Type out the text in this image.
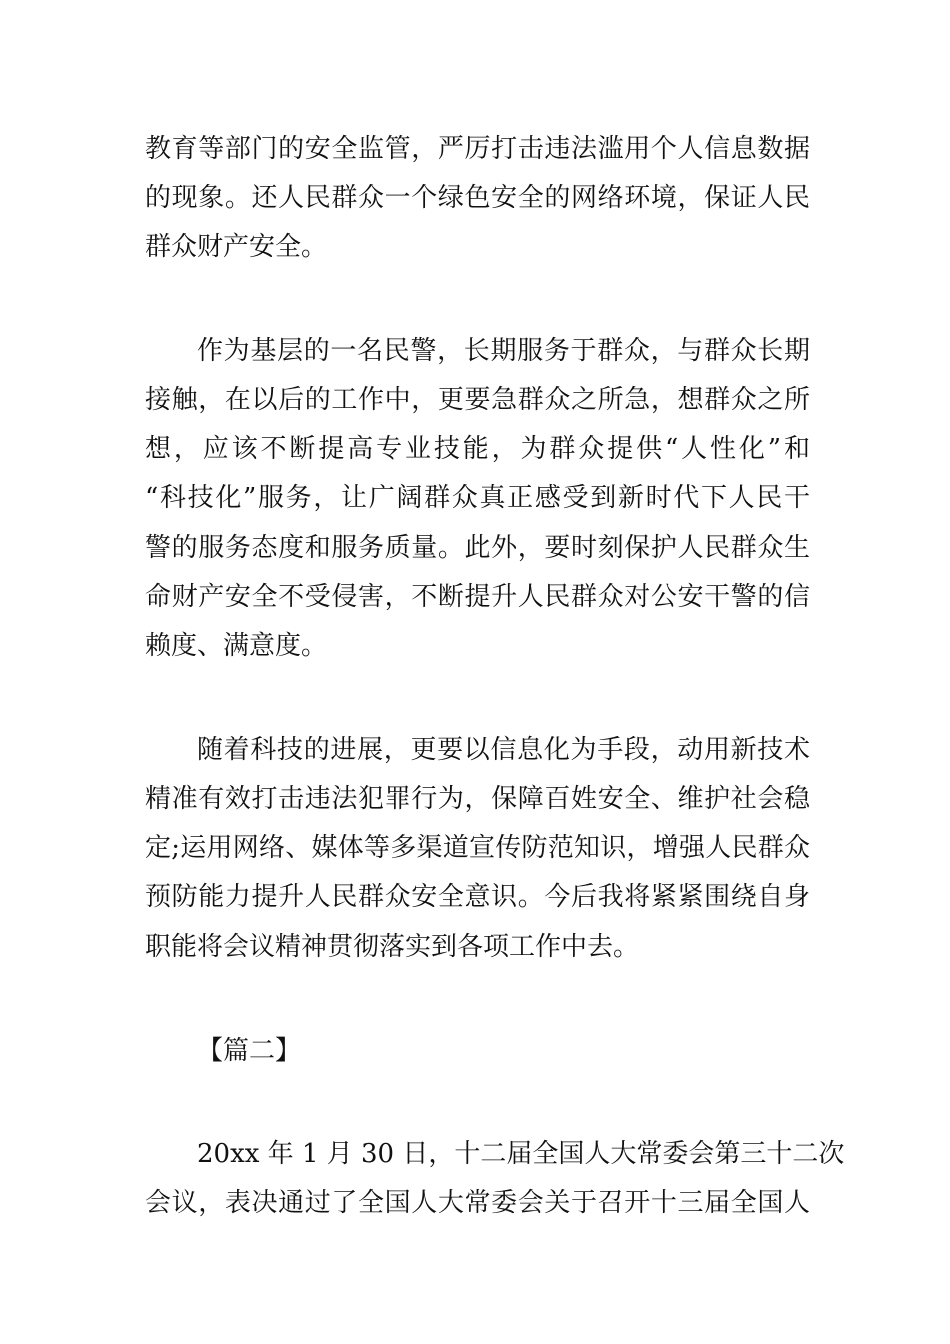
教育等部门的安全监管，严厉打击违法滥用个人信息数据
的现象。还人民群众一个绿色安全的网络环境，保证人民
群众财产安全。
作为基层的一名民警，长期服务于群众，与群众长期
接触，在以后的工作中，更要急群众之所急，想群众之所
想，应该不断提高专业技能，为群众提供“人性化”和
“科技化”服务，让广阔群众真正感受到新时代下人民干
警的服务态度和服务质量。此外，要时刻保护人民群众生
命财产安全不受侵害，不断提升人民群众对公安干警的信
赖度、满意度。
随着科技的进展，更要以信息化为手段，动用新技术
精准有效打击违法犯罪行为，保障百姓安全、维护社会稳
定;运用网络、媒体等多渠道宣传防范知识，增强人民群众
预防能力提升人民群众安全意识。今后我将紧紧围绕自身
职能将会议精神贯彻落实到各项工作中去。
【篇二】
20xx 年 1 月 30 日，十二届全国人大常委会第三十二次
会议，表决通过了全国人大常委会关于召开十三届全国人
